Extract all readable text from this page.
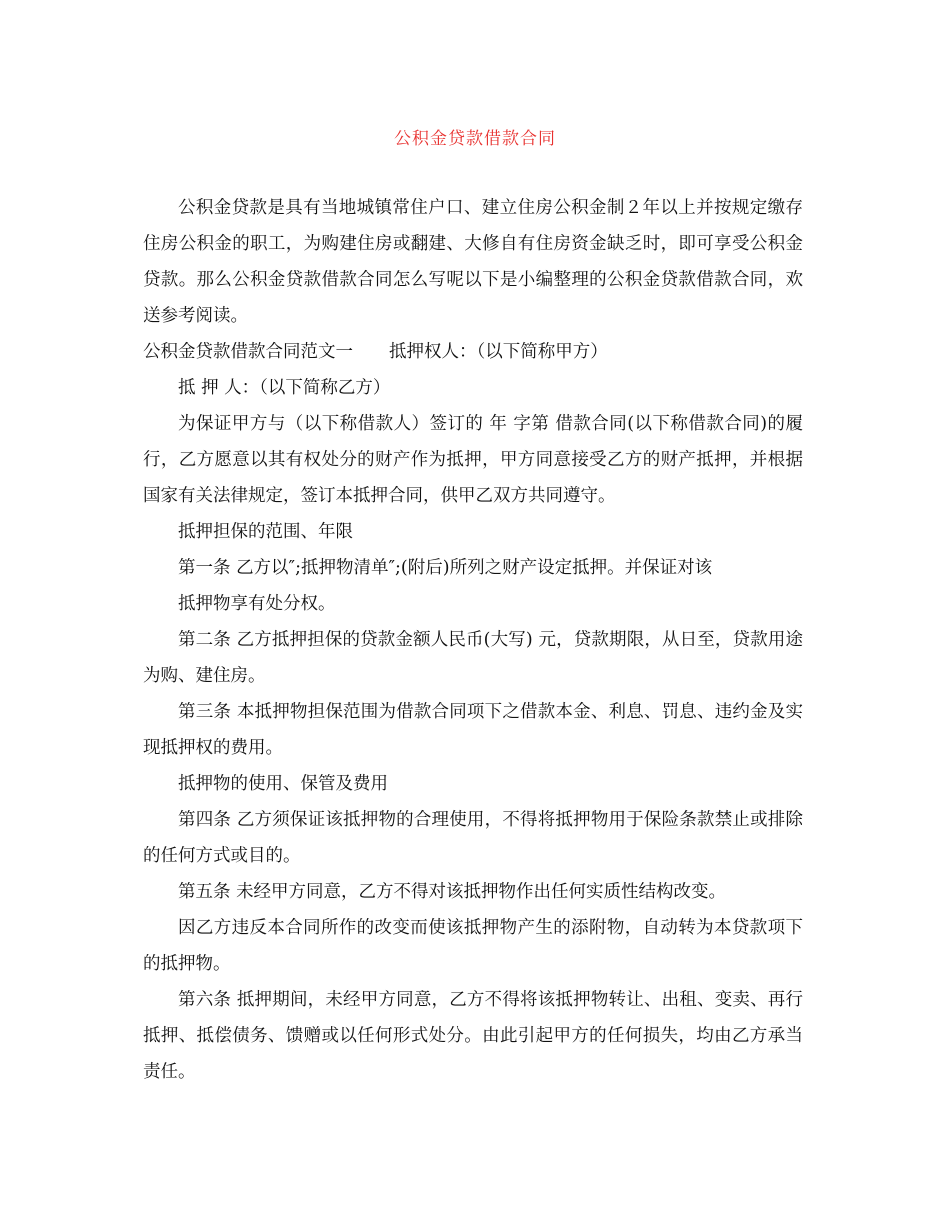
公积金贷款借款合同

公积金贷款是具有当地城镇常住户口、建立住房公积金制２年以上并按规定缴存住房公积金的职工，为购建住房或翻建、大修自有住房资金缺乏时，即可享受公积金贷款。那么公积金贷款借款合同怎么写呢以下是小编整理的公积金贷款借款合同，欢送参考阅读。

公积金贷款借款合同范文一 抵押权人：（以下简称甲方）

抵 押 人：（以下简称乙方）

为保证甲方与（以下称借款人）签订的 年 字第 借款合同(以下称借款合同)的履行，乙方愿意以其有权处分的财产作为抵押，甲方同意接受乙方的财产抵押，并根据国家有关法律规定，签订本抵押合同，供甲乙双方共同遵守。

抵押担保的范围、年限

第一条 乙方以″;抵押物清单″;(附后)所列之财产设定抵押。并保证对该

抵押物享有处分权。

第二条 乙方抵押担保的贷款金额人民币(大写) 元，贷款期限，从日至，贷款用途为购、建住房。

第三条 本抵押物担保范围为借款合同项下之借款本金、利息、罚息、违约金及实现抵押权的费用。

抵押物的使用、保管及费用

第四条 乙方须保证该抵押物的合理使用，不得将抵押物用于保险条款禁止或排除的任何方式或目的。

第五条 未经甲方同意，乙方不得对该抵押物作出任何实质性结构改变。

因乙方违反本合同所作的改变而使该抵押物产生的添附物，自动转为本贷款项下的抵押物。

第六条 抵押期间，未经甲方同意，乙方不得将该抵押物转让、出租、变卖、再行抵押、抵偿债务、馈赠或以任何形式处分。由此引起甲方的任何损失，均由乙方承当责任。
